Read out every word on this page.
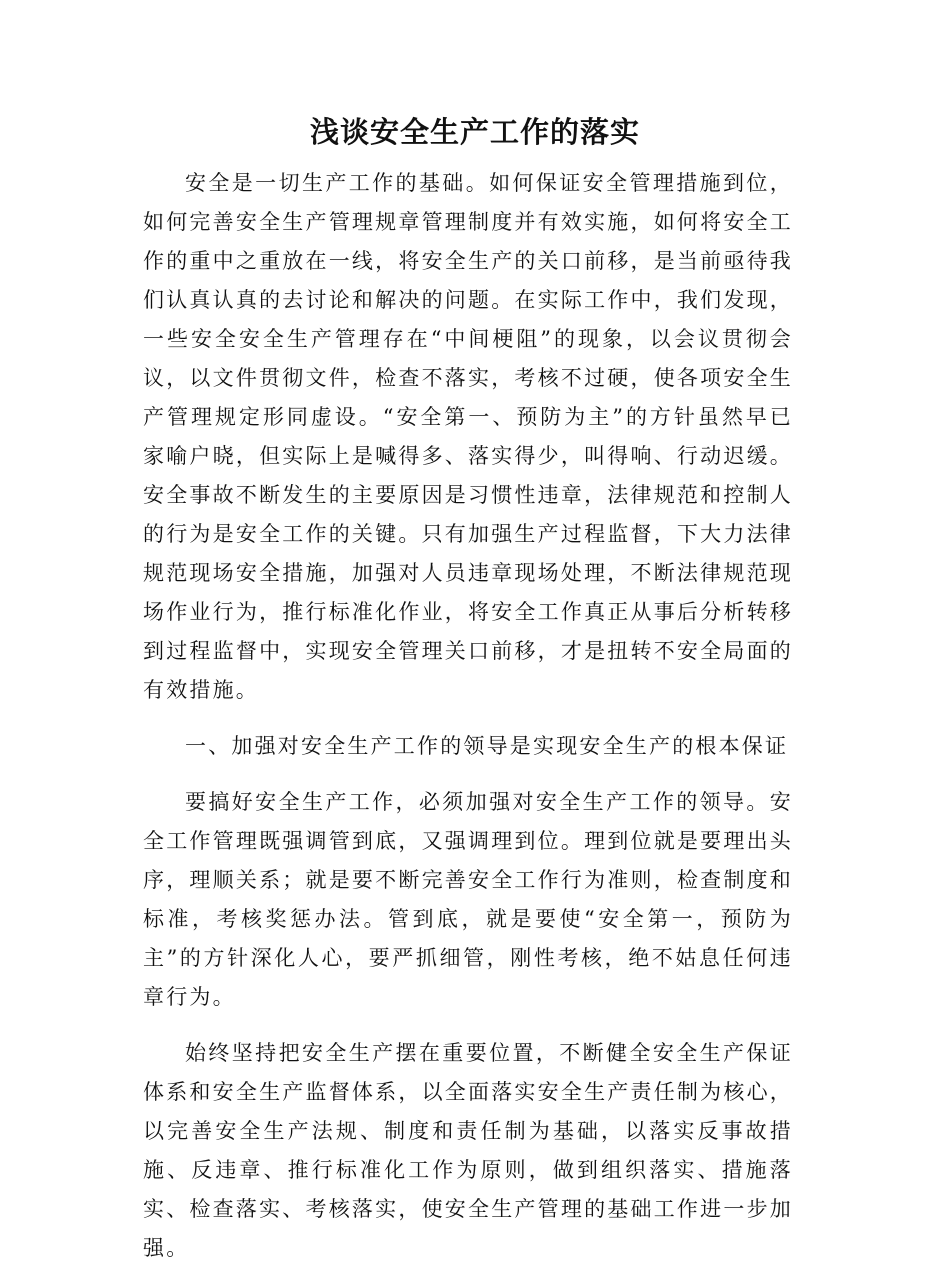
浅谈安全生产工作的落实

安全是一切生产工作的基础。如何保证安全管理措施到位，如何完善安全生产管理规章管理制度并有效实施，如何将安全工作的重中之重放在一线，将安全生产的关口前移，是当前亟待我们认真认真的去讨论和解决的问题。在实际工作中，我们发现，一些安全安全生产管理存在“中间梗阻”的现象，以会议贯彻会议，以文件贯彻文件，检查不落实，考核不过硬，使各项安全生产管理规定形同虚设。“安全第一、预防为主”的方针虽然早已家喻户晓，但实际上是喊得多、落实得少，叫得响、行动迟缓。安全事故不断发生的主要原因是习惯性违章，法律规范和控制人的行为是安全工作的关键。只有加强生产过程监督，下大力法律规范现场安全措施，加强对人员违章现场处理，不断法律规范现场作业行为，推行标准化作业，将安全工作真正从事后分析转移到过程监督中，实现安全管理关口前移，才是扭转不安全局面的有效措施。

一、加强对安全生产工作的领导是实现安全生产的根本保证

要搞好安全生产工作，必须加强对安全生产工作的领导。安全工作管理既强调管到底，又强调理到位。理到位就是要理出头序，理顺关系；就是要不断完善安全工作行为准则，检查制度和标准，考核奖惩办法。管到底，就是要使“安全第一，预防为主”的方针深化人心，要严抓细管，刚性考核，绝不姑息任何违章行为。

始终坚持把安全生产摆在重要位置，不断健全安全生产保证体系和安全生产监督体系，以全面落实安全生产责任制为核心，以完善安全生产法规、制度和责任制为基础，以落实反事故措施、反违章、推行标准化工作为原则，做到组织落实、措施落实、检查落实、考核落实，使安全生产管理的基础工作进一步加强。
